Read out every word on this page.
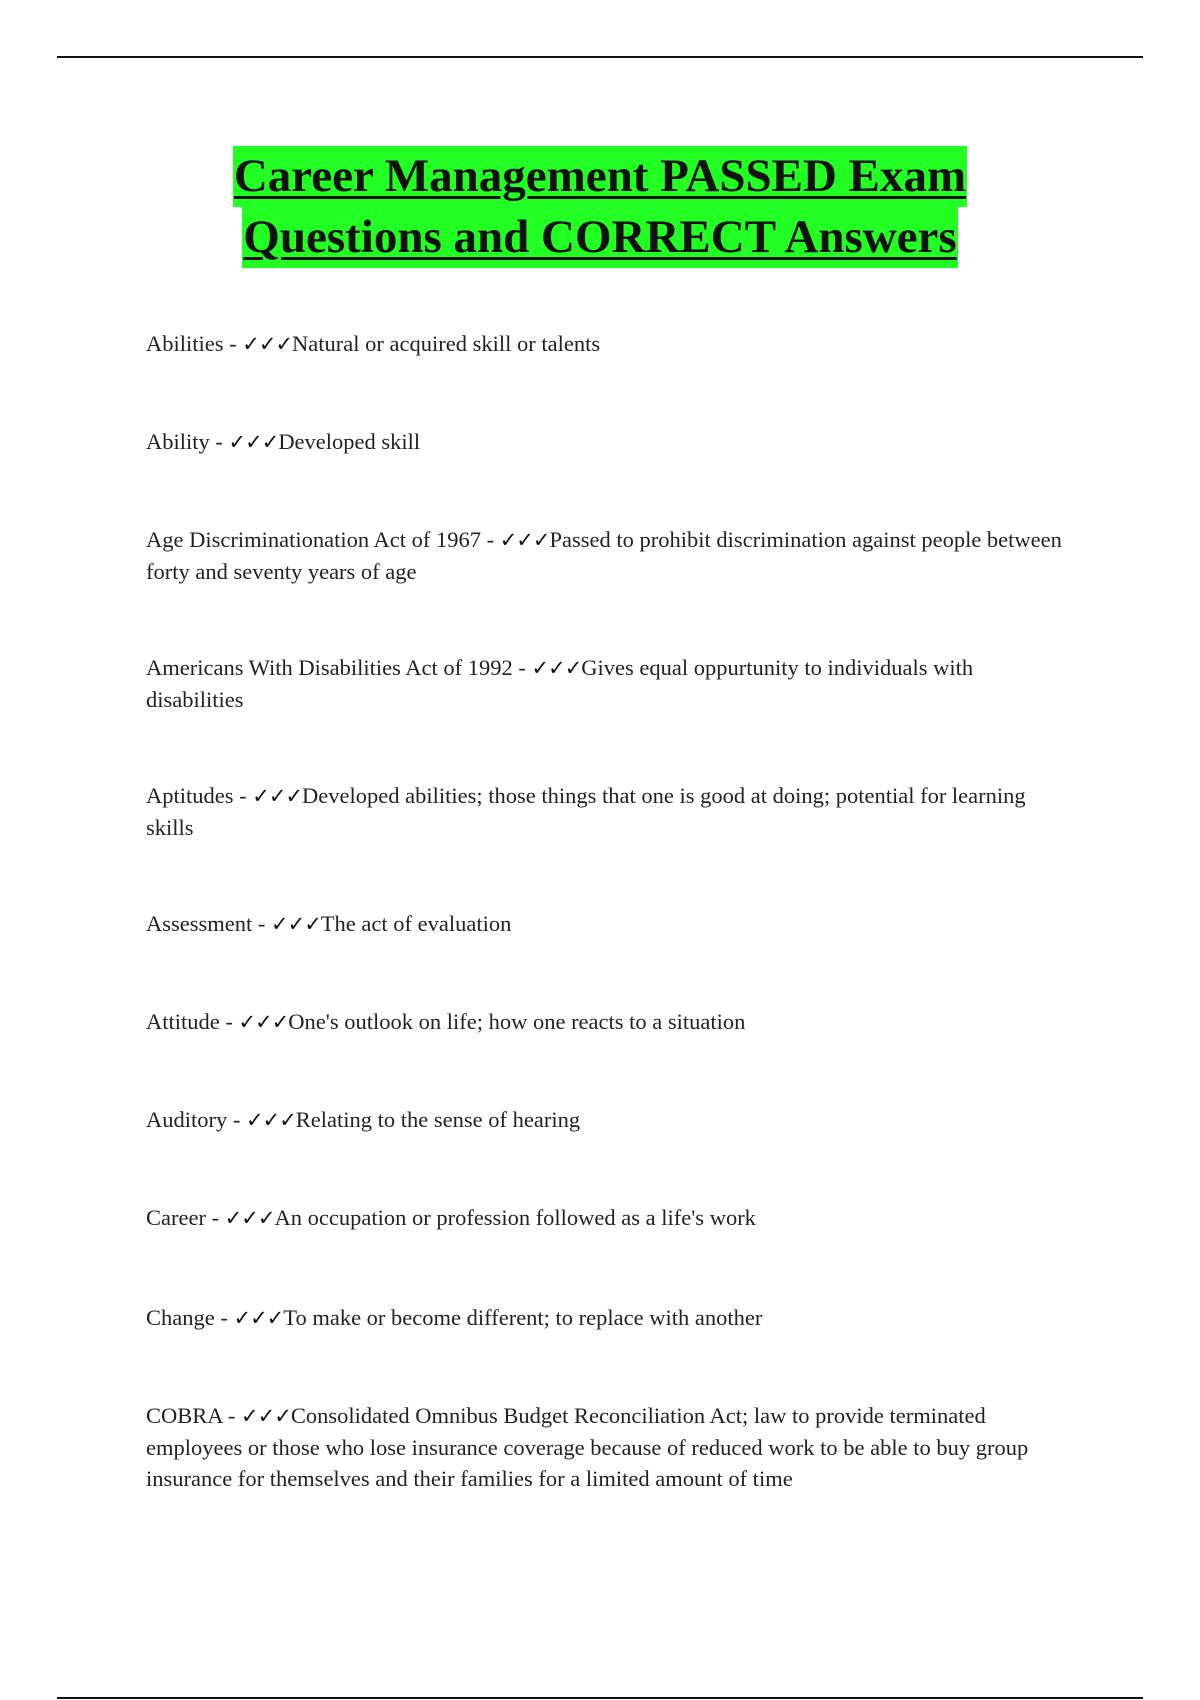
Career Management PASSED Exam
Questions and CORRECT Answers

Abilities - ✓✓✓Natural or acquired skill or talents

Ability - ✓✓✓Developed skill

Age Discriminationation Act of 1967 - ✓✓✓Passed to prohibit discrimination against people between forty and seventy years of age

Americans With Disabilities Act of 1992 - ✓✓✓Gives equal oppurtunity to individuals with disabilities

Aptitudes - ✓✓✓Developed abilities; those things that one is good at doing; potential for learning skills

Assessment - ✓✓✓The act of evaluation

Attitude - ✓✓✓One's outlook on life; how one reacts to a situation

Auditory - ✓✓✓Relating to the sense of hearing

Career - ✓✓✓An occupation or profession followed as a life's work

Change - ✓✓✓To make or become different; to replace with another

COBRA - ✓✓✓Consolidated Omnibus Budget Reconciliation Act; law to provide terminated employees or those who lose insurance coverage because of reduced work to be able to buy group insurance for themselves and their families for a limited amount of time
